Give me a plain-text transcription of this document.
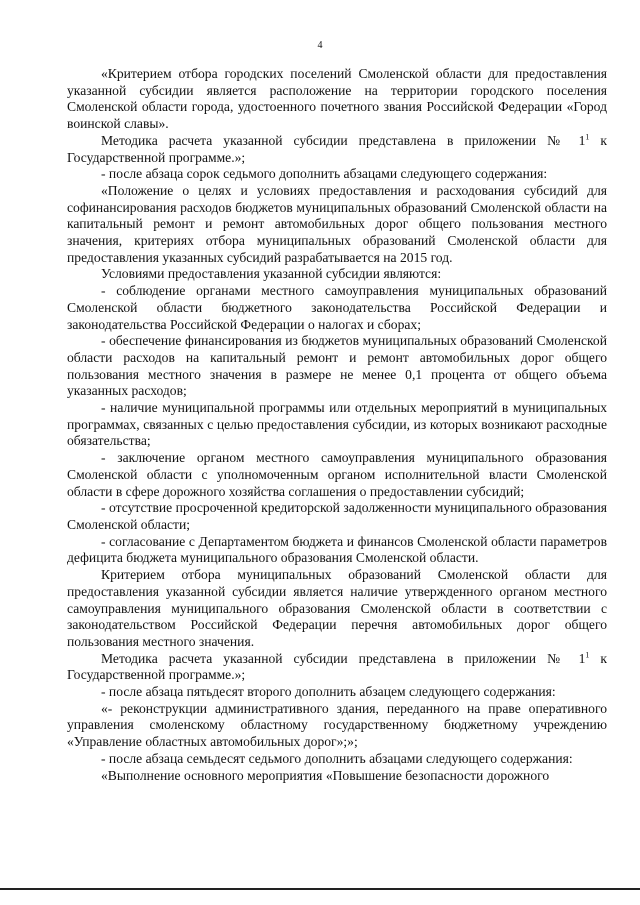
4

«Критерием отбора городских поселений Смоленской области для предоставления указанной субсидии является расположение на территории городского поселения Смоленской области города, удостоенного почетного звания Российской Федерации «Город воинской славы».

Методика расчета указанной субсидии представлена в приложении № $1^1$ к Государственной программе.»;

- после абзаца сорок седьмого дополнить абзацами следующего содержания:

«Положение о целях и условиях предоставления и расходования субсидий для софинансирования расходов бюджетов муниципальных образований Смоленской области на капитальный ремонт и ремонт автомобильных дорог общего пользования местного значения, критериях отбора муниципальных образований Смоленской области для предоставления указанных субсидий разрабатывается на 2015 год.

Условиями предоставления указанной субсидии являются:

- соблюдение органами местного самоуправления муниципальных образований Смоленской области бюджетного законодательства Российской Федерации и законодательства Российской Федерации о налогах и сборах;

- обеспечение финансирования из бюджетов муниципальных образований Смоленской области расходов на капитальный ремонт и ремонт автомобильных дорог общего пользования местного значения в размере не менее 0,1 процента от общего объема указанных расходов;

- наличие муниципальной программы или отдельных мероприятий в муниципальных программах, связанных с целью предоставления субсидии, из которых возникают расходные обязательства;

- заключение органом местного самоуправления муниципального образования Смоленской области с уполномоченным органом исполнительной власти Смоленской области в сфере дорожного хозяйства соглашения о предоставлении субсидий;

- отсутствие просроченной кредиторской задолженности муниципального образования Смоленской области;

- согласование с Департаментом бюджета и финансов Смоленской области параметров дефицита бюджета муниципального образования Смоленской области.

Критерием отбора муниципальных образований Смоленской области для предоставления указанной субсидии является наличие утвержденного органом местного самоуправления муниципального образования Смоленской области в соответствии с законодательством Российской Федерации перечня автомобильных дорог общего пользования местного значения.

Методика расчета указанной субсидии представлена в приложении № $1^1$ к Государственной программе.»;

- после абзаца пятьдесят второго дополнить абзацем следующего содержания:

«- реконструкции административного здания, переданного на праве оперативного управления смоленскому областному государственному бюджетному учреждению «Управление областных автомобильных дорог»;»;

- после абзаца семьдесят седьмого дополнить абзацами следующего содержания:

«Выполнение основного мероприятия «Повышение безопасности дорожного
